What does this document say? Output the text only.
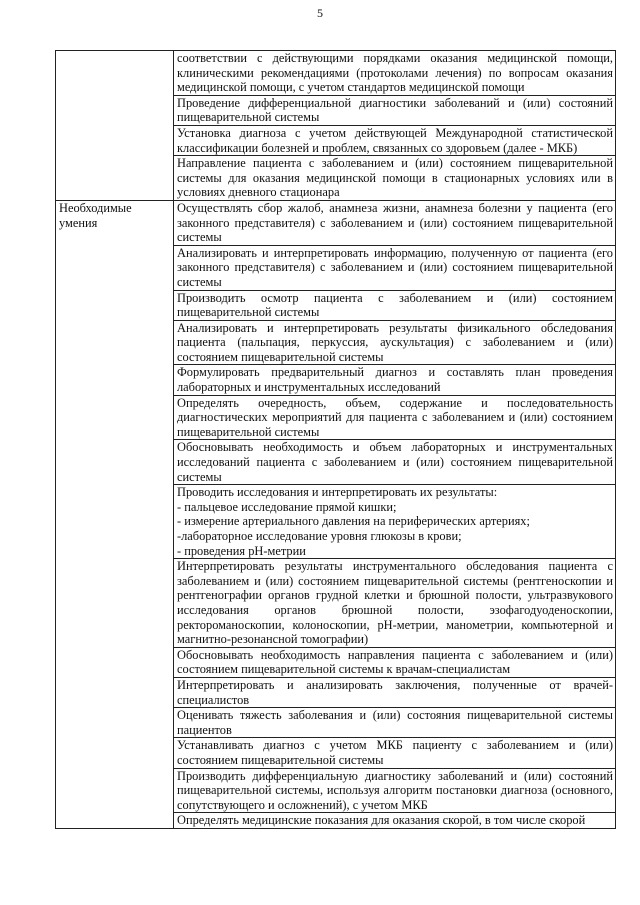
5
	соответствии с действующими порядками оказания медицинской помощи, клиническими рекомендациями (протоколами лечения) по вопросам оказания медицинской помощи, с учетом стандартов медицинской помощи
	Проведение дифференциальной диагностики заболеваний и (или) состояний пищеварительной системы
	Установка диагноза с учетом действующей Международной статистической классификации болезней и проблем, связанных со здоровьем (далее - МКБ)
	Направление пациента с заболеванием и (или) состоянием пищеварительной системы для оказания медицинской помощи в стационарных условиях или в условиях дневного стационара
Необходимые умения	Осуществлять сбор жалоб, анамнеза жизни, анамнеза болезни у пациента (его законного представителя) с заболеванием и (или) состоянием пищеварительной системы
	Анализировать и интерпретировать информацию, полученную от пациента (его законного представителя) с заболеванием и (или) состоянием пищеварительной системы
	Производить осмотр пациента с заболеванием и (или) состоянием пищеварительной системы
	Анализировать и интерпретировать результаты физикального обследования пациента (пальпация, перкуссия, аускультация) с заболеванием и (или) состоянием пищеварительной системы
	Формулировать предварительный диагноз и составлять план проведения лабораторных и инструментальных исследований
	Определять очередность, объем, содержание и последовательность диагностических мероприятий для пациента с заболеванием и (или) состоянием пищеварительной системы
	Обосновывать необходимость и объем лабораторных и инструментальных исследований пациента с заболеванием и (или) состоянием пищеварительной системы

	Проводить исследования и интерпретировать их результаты:
- пальцевое исследование прямой кишки;
- измерение артериального давления на периферических артериях;
-лабораторное исследование уровня глюкозы в крови;
- проведения рН-метрии

	Интерпретировать результаты инструментального обследования пациента с заболеванием и (или) состоянием пищеварительной системы (рентгеноскопии и рентгенографии органов грудной клетки и брюшной полости, ультразвукового исследования органов брюшной полости, эзофагодуоденоскопии, ректороманоскопии, колоноскопии, рН-метрии, манометрии, компьютерной и магнитно-резонансной томографии)
	Обосновывать необходимость направления пациента с заболеванием и (или) состоянием пищеварительной системы к врачам-специалистам
	Интерпретировать и анализировать заключения, полученные от врачей-специалистов
	Оценивать тяжесть заболевания и (или) состояния пищеварительной системы пациентов
	Устанавливать диагноз с учетом МКБ пациенту с заболеванием и (или) состоянием пищеварительной системы
	Производить дифференциальную диагностику заболеваний и (или) состояний пищеварительной системы, используя алгоритм постановки диагноза (основного, сопутствующего и осложнений), с учетом МКБ
	Определять медицинские показания для оказания скорой, в том числе скорой
